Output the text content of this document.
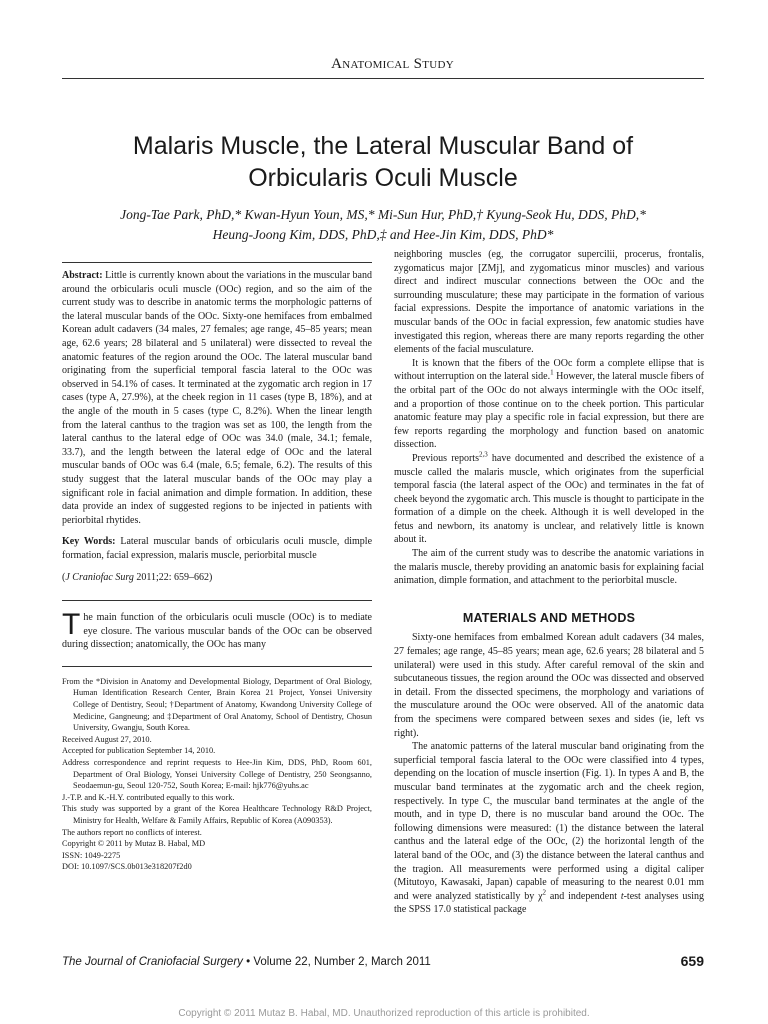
Anatomical Study
Malaris Muscle, the Lateral Muscular Band of
Orbicularis Oculi Muscle
Jong-Tae Park, PhD,* Kwan-Hyun Youn, MS,* Mi-Sun Hur, PhD,† Kyung-Seok Hu, DDS, PhD,*
Heung-Joong Kim, DDS, PhD,‡ and Hee-Jin Kim, DDS, PhD*

Abstract: Little is currently known about the variations in the muscular band around the orbicularis oculi muscle (OOc) region, and so the aim of the current study was to describe in anatomic terms the morphologic patterns of the lateral muscular bands of the OOc. Sixty-one hemifaces from embalmed Korean adult cadavers (34 males, 27 females; age range, 45–85 years; mean age, 62.6 years; 28 bilateral and 5 unilateral) were dissected to reveal the anatomic features of the region around the OOc. The lateral muscular band originating from the superficial temporal fascia lateral to the OOc was observed in 54.1% of cases. It terminated at the zygomatic arch region in 17 cases (type A, 27.9%), at the cheek region in 11 cases (type B, 18%), and at the angle of the mouth in 5 cases (type C, 8.2%). When the linear length from the lateral canthus to the tragion was set as 100, the length from the lateral canthus to the lateral edge of OOc was 34.0 (male, 34.1; female, 33.7), and the length between the lateral edge of OOc and the lateral muscular bands of OOc was 6.4 (male, 6.5; female, 6.2). The results of this study suggest that the lateral muscular bands of the OOc may play a significant role in facial animation and dimple formation. In addition, these data provide an index of suggested regions to be injected in patients with periorbital rhytides.

Key Words: Lateral muscular bands of orbicularis oculi muscle, dimple formation, facial expression, malaris muscle, periorbital muscle

(J Craniofac Surg 2011;22: 659–662)

The main function of the orbicularis oculi muscle (OOc) is to mediate eye closure. The various muscular bands of the OOc can be observed during dissection; anatomically, the OOc has many

From the *Division in Anatomy and Developmental Biology, Department of Oral Biology, Human Identification Research Center, Brain Korea 21 Project, Yonsei University College of Dentistry, Seoul; †Department of Anatomy, Kwandong University College of Medicine, Gangneung; and ‡Department of Oral Anatomy, School of Dentistry, Chosun University, Gwangju, South Korea.
Received August 27, 2010.
Accepted for publication September 14, 2010.
Address correspondence and reprint requests to Hee-Jin Kim, DDS, PhD, Room 601, Department of Oral Biology, Yonsei University College of Dentistry, 250 Seongsanno, Seodaemun-gu, Seoul 120-752, South Korea; E-mail: hjk776@yuhs.ac
J.-T.P. and K.-H.Y. contributed equally to this work.
This study was supported by a grant of the Korea Healthcare Technology R&D Project, Ministry for Health, Welfare & Family Affairs, Republic of Korea (A090353).
The authors report no conflicts of interest.
Copyright © 2011 by Mutaz B. Habal, MD
ISSN: 1049-2275
DOI: 10.1097/SCS.0b013e318207f2d0

neighboring muscles (eg, the corrugator supercilii, procerus, frontalis, zygomaticus major [ZMj], and zygomaticus minor muscles) and various direct and indirect muscular connections between the OOc and the surrounding musculature; these may participate in the formation of various facial expressions. Despite the importance of anatomic variations in the muscular bands of the OOc in facial expression, few anatomic studies have investigated this region, whereas there are many reports regarding the other elements of the facial musculature.

It is known that the fibers of the OOc form a complete ellipse that is without interruption on the lateral side.$^1$ However, the lateral muscle fibers of the orbital part of the OOc do not always intermingle with the OOc itself, and a proportion of those continue on to the cheek portion. This particular anatomic feature may play a specific role in facial expression, but there are few reports regarding the morphology and function based on anatomic dissection.

Previous reports$^{2,3}$ have documented and described the existence of a muscle called the malaris muscle, which originates from the superficial temporal fascia (the lateral aspect of the OOc) and terminates in the fat of cheek beyond the zygomatic arch. This muscle is thought to participate in the formation of a dimple on the cheek. Although it is well developed in the fetus and newborn, its anatomy is unclear, and relatively little is known about it.

The aim of the current study was to describe the anatomic variations in the malaris muscle, thereby providing an anatomic basis for explaining facial animation, dimple formation, and attachment to the periorbital muscle.

MATERIALS AND METHODS

Sixty-one hemifaces from embalmed Korean adult cadavers (34 males, 27 females; age range, 45–85 years; mean age, 62.6 years; 28 bilateral and 5 unilateral) were used in this study. After careful removal of the skin and subcutaneous tissues, the region around the OOc was dissected and observed in detail. From the dissected specimens, the morphology and variations of the musculature around the OOc were observed. All of the anatomic data from the specimens were compared between sexes and sides (ie, left vs right).

The anatomic patterns of the lateral muscular band originating from the superficial temporal fascia lateral to the OOc were classified into 4 types, depending on the location of muscle insertion (Fig. 1). In types A and B, the muscular band terminates at the zygomatic arch and the cheek region, respectively. In type C, the muscular band terminates at the angle of the mouth, and in type D, there is no muscular band around the OOc. The following dimensions were measured: (1) the distance between the lateral canthus and the lateral edge of the OOc, (2) the horizontal length of the lateral band of the OOc, and (3) the distance between the lateral canthus and the tragion. All measurements were performed using a digital caliper (Mitutoyo, Kawasaki, Japan) capable of measuring to the nearest 0.01 mm and were analyzed statistically by $\chi^2$ and independent t-test analyses using the SPSS 17.0 statistical package

The Journal of Craniofacial Surgery • Volume 22, Number 2, March 2011	659
Copyright © 2011 Mutaz B. Habal, MD. Unauthorized reproduction of this article is prohibited.
